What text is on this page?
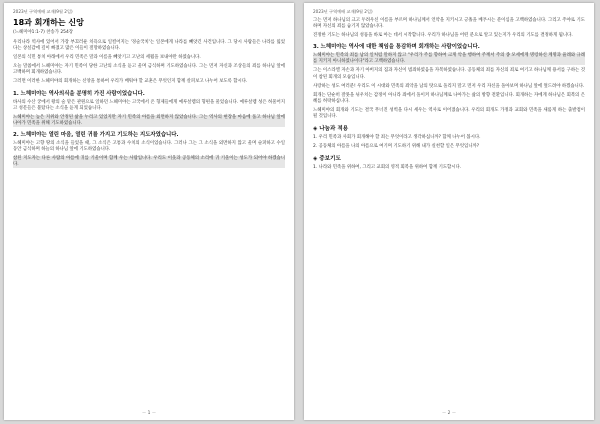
2023년 구역예배 교재(9월 2일)
18과 회개하는 신앙
(느헤미야1:1-7) 찬송가 254장

우리나라 역사에 있어서 가장 부끄러운 치욕으로 일컬어지는 '경술국치'는 일본에게 나라를 빼앗긴 사건입니다. 그 당시 사람들은 나라를 잃었다는 상실감에 깊이 빠졌고 많은 이들이 절망하였습니다.

일본의 식민 통치 아래에서 우리 민족은 말과 이름을 빼앗기고 고난의 세월을 보내야만 하였습니다.

오늘 말씀에서 느헤미야는 자기 민족이 당한 고난의 소식을 듣고 울며 금식하며 기도하였습니다. 그는 먼저 자신과 조상들의 죄를 하나님 앞에 고백하며 회개하였습니다.

그러면 이러한 느헤미야의 회개하는 신앙을 통하여 우리가 배워야 할 교훈은 무엇인지 함께 살펴보고 나누어 보도록 합시다.

1. 느헤미야는 역사의식을 분명히 가진 사람이었습니다.

바사의 수산 궁에서 왕의 술 맡은 관원으로 일하던 느헤미야는 고국에서 온 형제들에게 예루살렘의 형편을 물었습니다. 예루살렘 성은 허물어지고 성문들은 불탔다는 소식을 듣게 되었습니다.

느헤미야는 높은 지위와 안정된 삶을 누리고 있었지만 자기 민족의 아픔을 외면하지 않았습니다. 그는 역사의 현장을 마음에 품고 하나님 앞에 나아가 민족을 위해 기도하였습니다.

2. 느헤미야는 열린 마음, 열린 귀를 가지고 기도하는 지도자였습니다.

느헤미야는 고향 땅의 소식을 들었을 때, 그 소식은 고통과 수치의 소식이었습니다. 그러나 그는 그 소식을 외면하지 않고 울며 슬퍼하고 수일 동안 금식하며 하늘의 하나님 앞에 기도하였습니다.

참된 지도자는 다른 사람의 아픔에 귀를 기울이며 함께 우는 사람입니다. 우리도 이웃과 공동체의 소리에 귀 기울이는 성도가 되어야 하겠습니다.

－ 1 －
2023년 구역예배 교재(9월 2일)

그는 먼저 하나님의 크고 두려우신 이름을 부르며 하나님께서 언약을 지키시고 긍휼을 베푸시는 분이심을 고백하였습니다. 그리고 주야로 기도하며 자신의 죄를 숨기지 않았습니다.

진정한 기도는 하나님의 성품을 바로 아는 데서 시작합니다. 우리가 하나님을 어떤 분으로 알고 있는지가 우리의 기도를 결정하게 됩니다.

3. 느헤미야는 역사에 대한 책임을 통감하며 회개하는 사람이었습니다.

느헤미야는 민족의 죄를 남의 일처럼 말하지 않고 "우리가 주를 향하여 크게 악을 행하여 주께서 주의 종 모세에게 명령하신 계명과 율례와 규례를 지키지 아니하였나이다"라고 고백하였습니다.

그는 이스라엘 자손과 자기 아버지의 집과 자신이 범죄하였음을 자복하였습니다. 공동체의 죄를 자신의 죄로 여기고 하나님께 용서를 구하는 것이 참된 회개의 모습입니다.

사랑하는 성도 여러분! 우리도 이 시대와 민족의 죄악을 남의 탓으로 돌리지 말고 먼저 우리 자신을 돌아보며 하나님 앞에 엎드려야 하겠습니다.

회개는 단순히 잘못을 뉘우치는 감정이 아니라 죄에서 돌이켜 하나님께로 나아가는 삶의 방향 전환입니다. 회개하는 자에게 하나님은 회복의 은혜를 허락하십니다.

느헤미야의 회개와 기도는 결국 무너진 성벽을 다시 세우는 역사로 이어졌습니다. 우리의 회개도 가정과 교회와 민족을 새롭게 하는 출발점이 될 것입니다.

◈ 나눔과 적용

1. 우리 민족과 사회가 회개해야 할 죄는 무엇이라고 생각하십니까? 함께 나누어 봅시다.

2. 공동체의 아픔을 나의 아픔으로 여기며 기도하기 위해 내가 실천할 일은 무엇입니까?

◈ 중보기도

1. 나라와 민족을 위하여, 그리고 교회의 영적 회복을 위하여 함께 기도합시다.

－ 2 －
